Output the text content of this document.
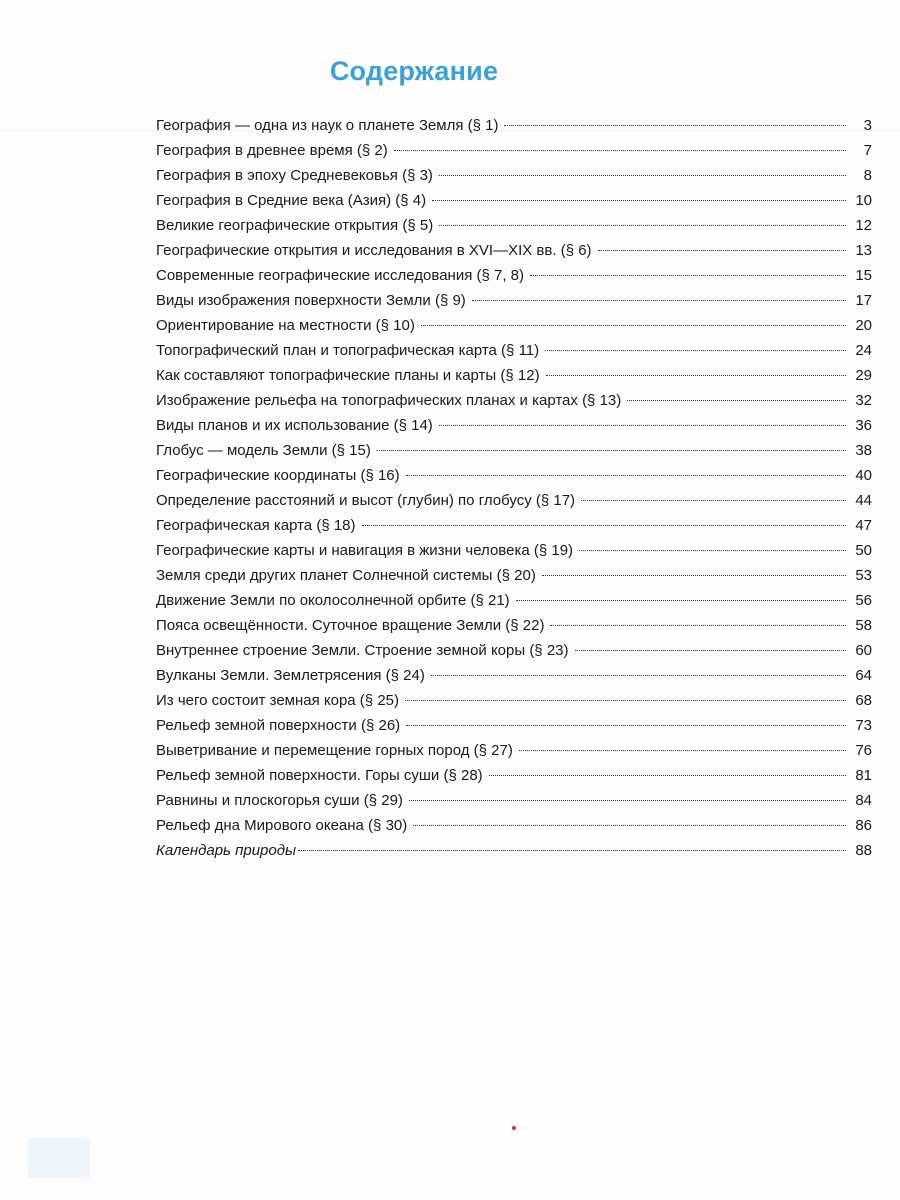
Содержание
География — одна из наук о планете Земля (§ 1)	3
География в древнее время (§ 2)	7
География в эпоху Средневековья (§ 3)	8
География в Средние века (Азия) (§ 4)	10
Великие географические открытия (§ 5)	12
Географические открытия и исследования в XVI—XIX вв. (§ 6)	13
Современные географические исследования (§ 7, 8)	15
Виды изображения поверхности Земли (§ 9)	17
Ориентирование на местности (§ 10)	20
Топографический план и топографическая карта (§ 11)	24
Как составляют топографические планы и карты (§ 12)	29
Изображение рельефа на топографических планах и картах (§ 13)	32
Виды планов и их использование (§ 14)	36
Глобус — модель Земли (§ 15)	38
Географические координаты (§ 16)	40
Определение расстояний и высот (глубин) по глобусу (§ 17)	44
Географическая карта (§ 18)	47
Географические карты и навигация в жизни человека (§ 19)	50
Земля среди других планет Солнечной системы (§ 20)	53
Движение Земли по околосолнечной орбите (§ 21)	56
Пояса освещённости. Суточное вращение Земли (§ 22)	58
Внутреннее строение Земли. Строение земной коры (§ 23)	60
Вулканы Земли. Землетрясения (§ 24)	64
Из чего состоит земная кора (§ 25)	68
Рельеф земной поверхности (§ 26)	73
Выветривание и перемещение горных пород (§ 27)	76
Рельеф земной поверхности. Горы суши (§ 28)	81
Равнины и плоскогорья суши (§ 29)	84
Рельеф дна Мирового океана (§ 30)	86
Календарь природы	88
